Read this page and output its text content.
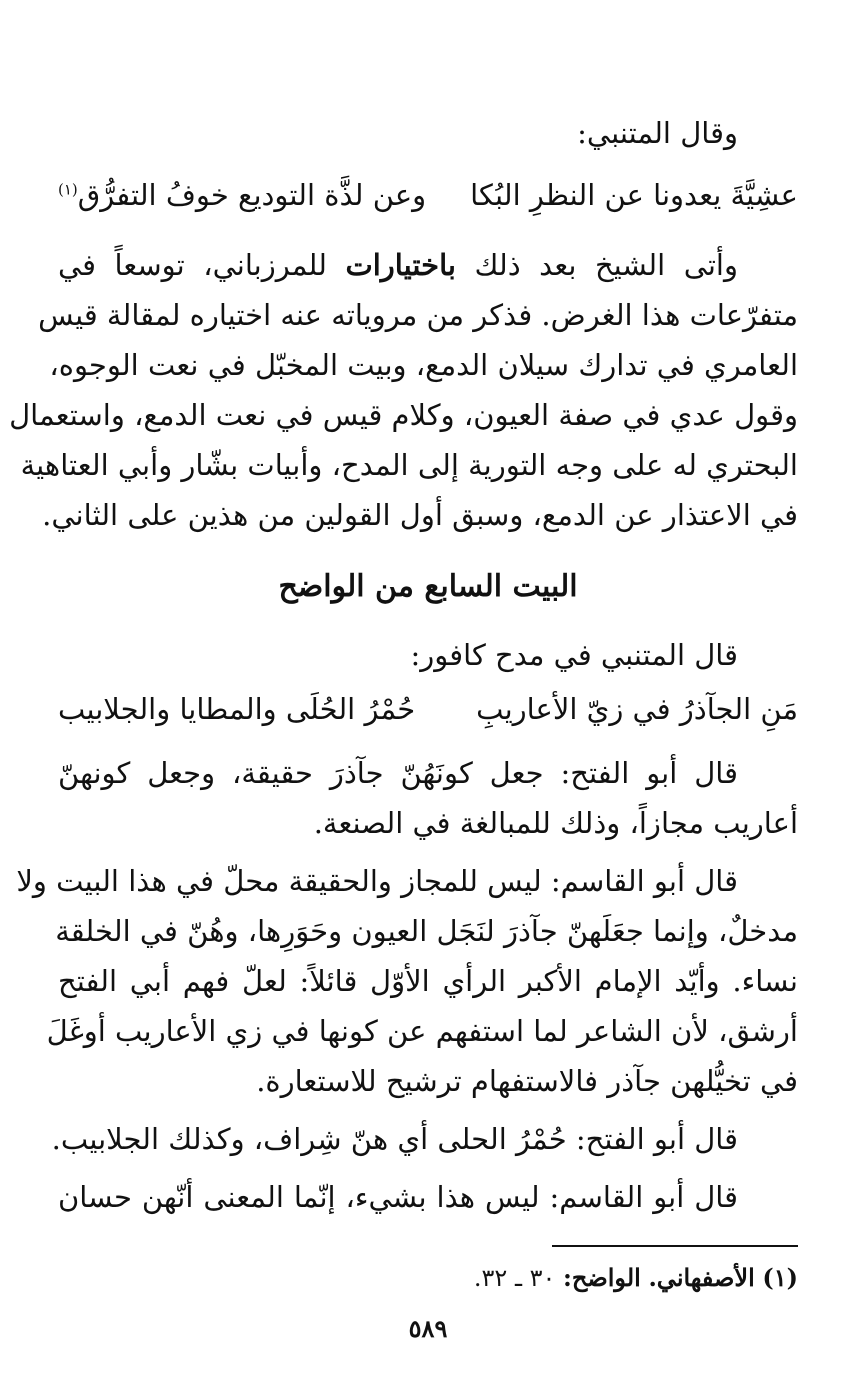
وقال المتنبي:
عشِيَّةَ يعدونا عن النظرِ البُكا
وعن لذَّة التوديع خوفُ التفرُّق$^{(١)}$
وأتى الشيخ بعد ذلك باختيارات للمرزباني، توسعاً في
متفرّعات هذا الغرض. فذكر من مروياته عنه اختياره لمقالة قيس
العامري في تدارك سيلان الدمع، وبيت المخبّل في نعت الوجوه،
وقول عدي في صفة العيون، وكلام قيس في نعت الدمع، واستعمال
البحتري له على وجه التورية إلى المدح، وأبيات بشّار وأبي العتاهية
في الاعتذار عن الدمع، وسبق أول القولين من هذين على الثاني.
البيت السابع من الواضح
قال المتنبي في مدح كافور:
مَنِ الجآذرُ في زيّ الأعاريبِ
حُمْرُ الحُلَى والمطايا والجلابيب
قال أبو الفتح: جعل كونَهُنّ جآذرَ حقيقة، وجعل كونهنّ
أعاريب مجازاً، وذلك للمبالغة في الصنعة.
قال أبو القاسم: ليس للمجاز والحقيقة محلّ في هذا البيت ولا
مدخلٌ، وإنما جعَلَهنّ جآذرَ لنَجَل العيون وحَوَرِها، وهُنّ في الخلقة
نساء. وأيّد الإمام الأكبر الرأي الأوّل قائلاً: لعلّ فهم أبي الفتح
أرشق، لأن الشاعر لما استفهم عن كونها في زي الأعاريب أوغَلَ
في تخيُّلهن جآذر فالاستفهام ترشيح للاستعارة.
قال أبو الفتح: حُمْرُ الحلى أي هنّ شِراف، وكذلك الجلابيب.
قال أبو القاسم: ليس هذا بشيء، إنّما المعنى أنّهن حسان
(١) الأصفهاني. الواضح: ٣٠ ـ ٣٢.
٥٨٩
